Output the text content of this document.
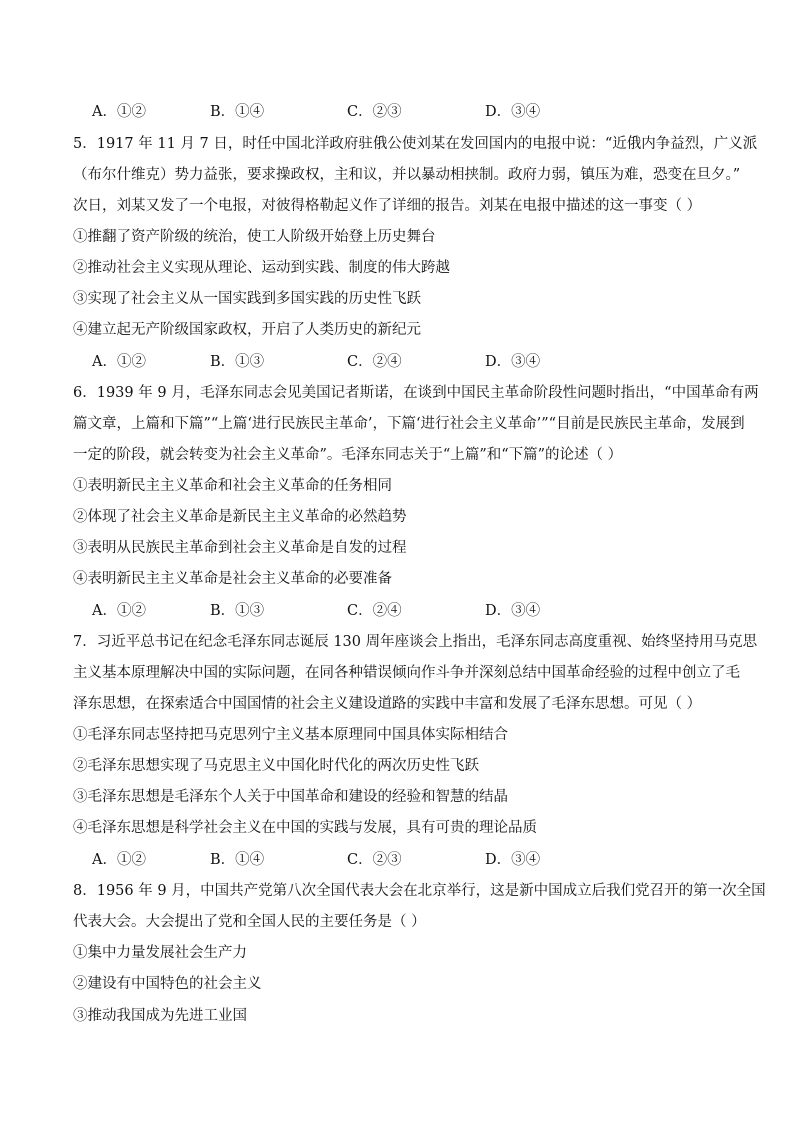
A．①②	B．①④	C．②③	D．③④
5．1917 年 11 月 7 日，时任中国北洋政府驻俄公使刘某在发回国内的电报中说：“近俄内争益烈，广义派
（布尔什维克）势力益张，要求操政权，主和议，并以暴动相挟制。政府力弱，镇压为难，恐变在旦夕。”
次日，刘某又发了一个电报，对彼得格勒起义作了详细的报告。刘某在电报中描述的这一事变（ ）
①推翻了资产阶级的统治，使工人阶级开始登上历史舞台
②推动社会主义实现从理论、运动到实践、制度的伟大跨越
③实现了社会主义从一国实践到多国实践的历史性飞跃
④建立起无产阶级国家政权，开启了人类历史的新纪元
A．①②	B．①③	C．②④	D．③④
6．1939 年 9 月，毛泽东同志会见美国记者斯诺，在谈到中国民主革命阶段性问题时指出，“中国革命有两
篇文章，上篇和下篇”“上篇‘进行民族民主革命’，下篇‘进行社会主义革命’”“目前是民族民主革命，发展到
一定的阶段，就会转变为社会主义革命”。毛泽东同志关于“上篇”和“下篇”的论述（ ）
①表明新民主主义革命和社会主义革命的任务相同
②体现了社会主义革命是新民主主义革命的必然趋势
③表明从民族民主革命到社会主义革命是自发的过程
④表明新民主主义革命是社会主义革命的必要准备
A．①②	B．①③	C．②④	D．③④
7．习近平总书记在纪念毛泽东同志诞辰 130 周年座谈会上指出，毛泽东同志高度重视、始终坚持用马克思
主义基本原理解决中国的实际问题，在同各种错误倾向作斗争并深刻总结中国革命经验的过程中创立了毛
泽东思想，在探索适合中国国情的社会主义建设道路的实践中丰富和发展了毛泽东思想。可见（ ）
①毛泽东同志坚持把马克思列宁主义基本原理同中国具体实际相结合
②毛泽东思想实现了马克思主义中国化时代化的两次历史性飞跃
③毛泽东思想是毛泽东个人关于中国革命和建设的经验和智慧的结晶
④毛泽东思想是科学社会主义在中国的实践与发展，具有可贵的理论品质
A．①②	B．①④	C．②③	D．③④
8．1956 年 9 月，中国共产党第八次全国代表大会在北京举行，这是新中国成立后我们党召开的第一次全国
代表大会。大会提出了党和全国人民的主要任务是（ ）
①集中力量发展社会生产力
②建设有中国特色的社会主义
③推动我国成为先进工业国
